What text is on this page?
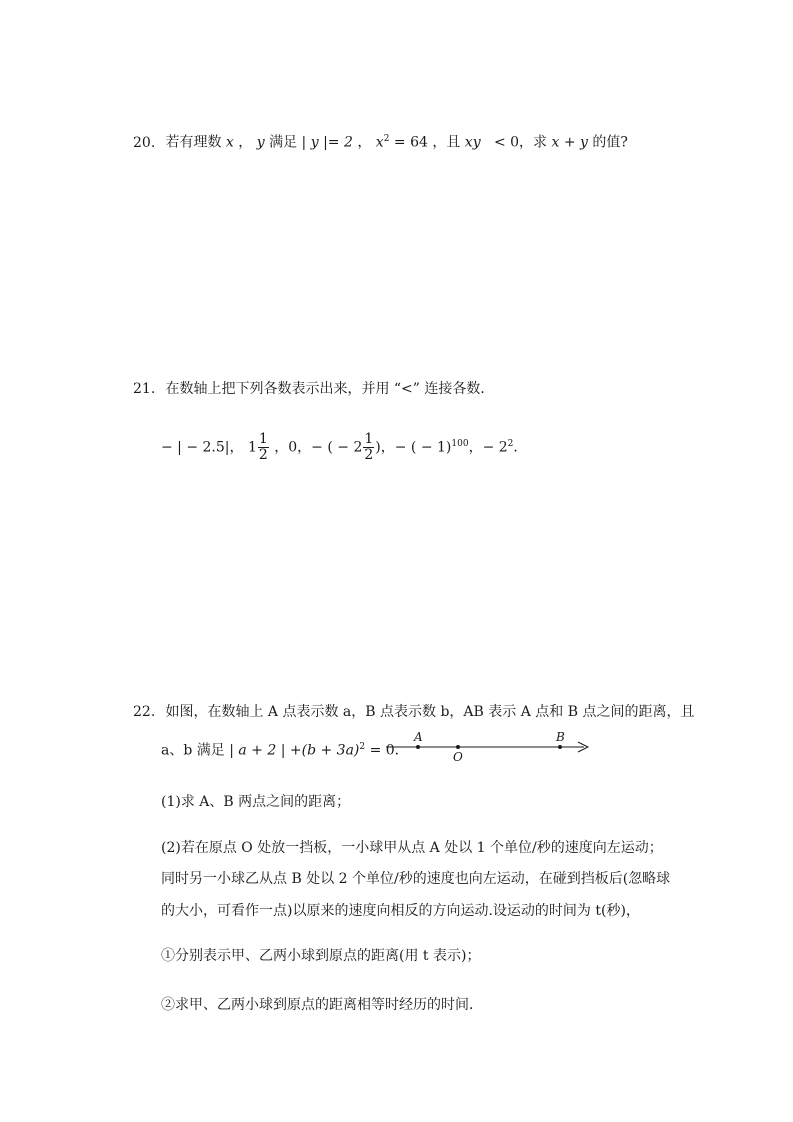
20. 若有理数 x ， y 满足 | y |= 2 ， $x^2 = 64$ ，且 xy   < 0，求 x + y 的值?
21. 在数轴上把下列各数表示出来，并用 “<” 连接各数．
− | − 2.5|， $1 \frac{1}{2}$ ，0，− ( − $2 \frac{1}{2}$ )，− ( − 1)$^{100}$，− $2^2$．
22. 如图，在数轴上 A 点表示数 a，B 点表示数 b，AB 表示 A 点和 B 点之间的距离，且
a、b 满足 | a + 2 | $+(b + 3a)^2 = 0$．
A
O
B
(1)求 A、B 两点之间的距离；
(2)若在原点 O 处放一挡板，一小球甲从点 A 处以 1 个单位/秒的速度向左运动；
同时另一小球乙从点 B 处以 2 个单位/秒的速度也向左运动，在碰到挡板后(忽略球
的大小，可看作一点)以原来的速度向相反的方向运动.设运动的时间为 t(秒)，
①分别表示甲、乙两小球到原点的距离(用 t 表示)；
②求甲、乙两小球到原点的距离相等时经历的时间．
